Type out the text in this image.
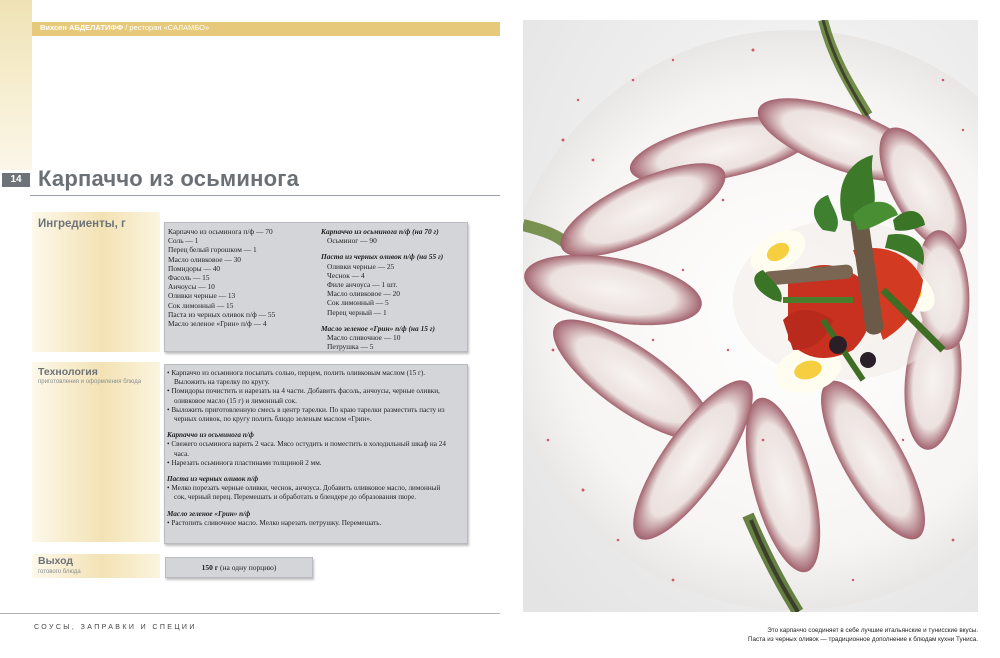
Вихсен АБДЕЛАТИФФ / ресторан «САЛАМБО»
14 Карпаччо из осьминога
Ингредиенты, г
Карпаччо из осьминога п/ф — 70
Соль — 1
Перец белый горошком — 1
Масло оливковое — 30
Помидоры — 40
Фасоль — 15
Анчоусы — 10
Оливки черные — 13
Сок лимонный — 15
Паста из черных оливок п/ф — 55
Масло зеленое «Грин» п/ф — 4
Карпаччо из осьминога п/ф (на 70 г)
Осьминог — 90
Паста из черных оливок п/ф (на 55 г)
Оливки черные — 25
Чеснок — 4
Филе анчоуса — 1 шт.
Масло оливковое — 20
Сок лимонный — 5
Перец черный — 1
Масло зеленое «Грин» п/ф (на 15 г)
Масло сливочное — 10
Петрушка — 5
Технология
приготовления и оформления блюда
• Карпаччо из осьминога посыпать солью, перцем, полить оливковым маслом (15 г). Выложить на тарелку по кругу.
• Помидоры почистить и нарезать на 4 части. Добавить фасоль, анчоусы, черные оливки, оливковое масло (15 г) и лимонный сок.
• Выложить приготовленную смесь в центр тарелки. По краю тарелки разместить пасту из черных оливок, по кругу полить блюдо зеленым маслом «Грин».
Карпаччо из осьминога п/ф
• Свежего осьминога варить 2 часа. Мясо остудить и поместить в холодильный шкаф на 24 часа.
• Нарезать осьминога пластинами толщиной 2 мм.
Паста из черных оливок п/ф
• Мелко порезать черные оливки, чеснок, анчоуса. Добавить оливковое масло, лимонный сок, черный перец. Перемешать и обработать в блендере до образования пюре.
Масло зеленое «Грин» п/ф
• Растопить сливочное масло. Мелко нарезать петрушку. Перемешать.
Выход
готового блюда	150 г (на одну порцию)
СОУСЫ, ЗАПРАВКИ И СПЕЦИИ	Это карпаччо соединяет в себе лучшие итальянские и тунисские вкусы.
Паста из черных оливок — традиционное дополнение к блюдам кухни Туниса.
